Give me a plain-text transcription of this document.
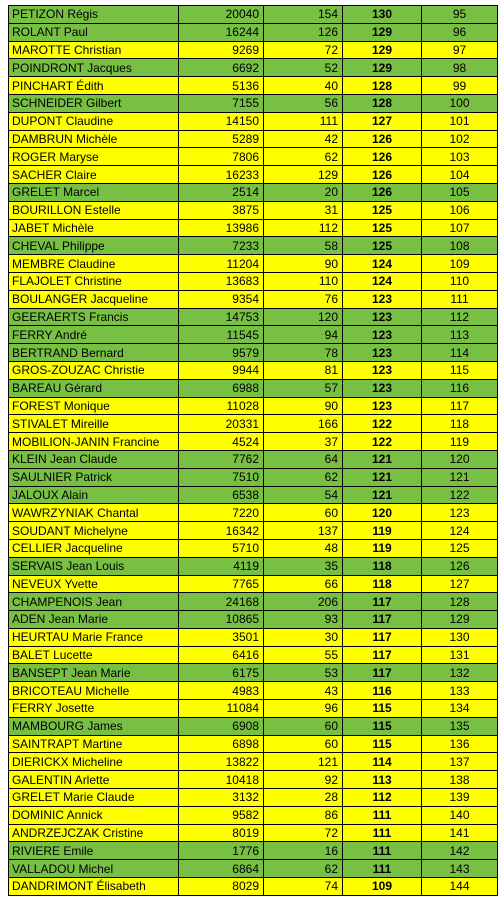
PETIZON Régis	20040	154	130	95
ROLANT Paul	16244	126	129	96
MAROTTE Christian	9269	72	129	97
POINDRONT Jacques	6692	52	129	98
PINCHART Édith	5136	40	128	99
SCHNEIDER Gilbert	7155	56	128	100
DUPONT Claudine	14150	111	127	101
DAMBRUN Michèle	5289	42	126	102
ROGER Maryse	7806	62	126	103
SACHER Claire	16233	129	126	104
GRELET Marcel	2514	20	126	105
BOURILLON Estelle	3875	31	125	106
JABET Michèle	13986	112	125	107
CHEVAL Philippe	7233	58	125	108
MEMBRE Claudine	11204	90	124	109
FLAJOLET Christine	13683	110	124	110
BOULANGER Jacqueline	9354	76	123	111
GEERAERTS Francis	14753	120	123	112
FERRY André	11545	94	123	113
BERTRAND Bernard	9579	78	123	114
GROS-ZOUZAC Christie	9944	81	123	115
BAREAU Gérard	6988	57	123	116
FOREST Monique	11028	90	123	117
STIVALET Mireille	20331	166	122	118
MOBILION-JANIN Francine	4524	37	122	119
KLEIN Jean Claude	7762	64	121	120
SAULNIER Patrick	7510	62	121	121
JALOUX Alain	6538	54	121	122
WAWRZYNIAK Chantal	7220	60	120	123
SOUDANT Michelyne	16342	137	119	124
CELLIER Jacqueline	5710	48	119	125
SERVAIS Jean Louis	4119	35	118	126
NEVEUX Yvette	7765	66	118	127
CHAMPENOIS Jean	24168	206	117	128
ADEN Jean Marie	10865	93	117	129
HEURTAU Marie France	3501	30	117	130
BALET Lucette	6416	55	117	131
BANSEPT Jean Marie	6175	53	117	132
BRICOTEAU Michelle	4983	43	116	133
FERRY Josette	11084	96	115	134
MAMBOURG James	6908	60	115	135
SAINTRAPT Martine	6898	60	115	136
DIERICKX Micheline	13822	121	114	137
GALENTIN Arlette	10418	92	113	138
GRELET Marie Claude	3132	28	112	139
DOMINIC Annick	9582	86	111	140
ANDRZEJCZAK Cristine	8019	72	111	141
RIVIERE Emile	1776	16	111	142
VALLADOU Michel	6864	62	111	143
DANDRIMONT Élisabeth	8029	74	109	144
